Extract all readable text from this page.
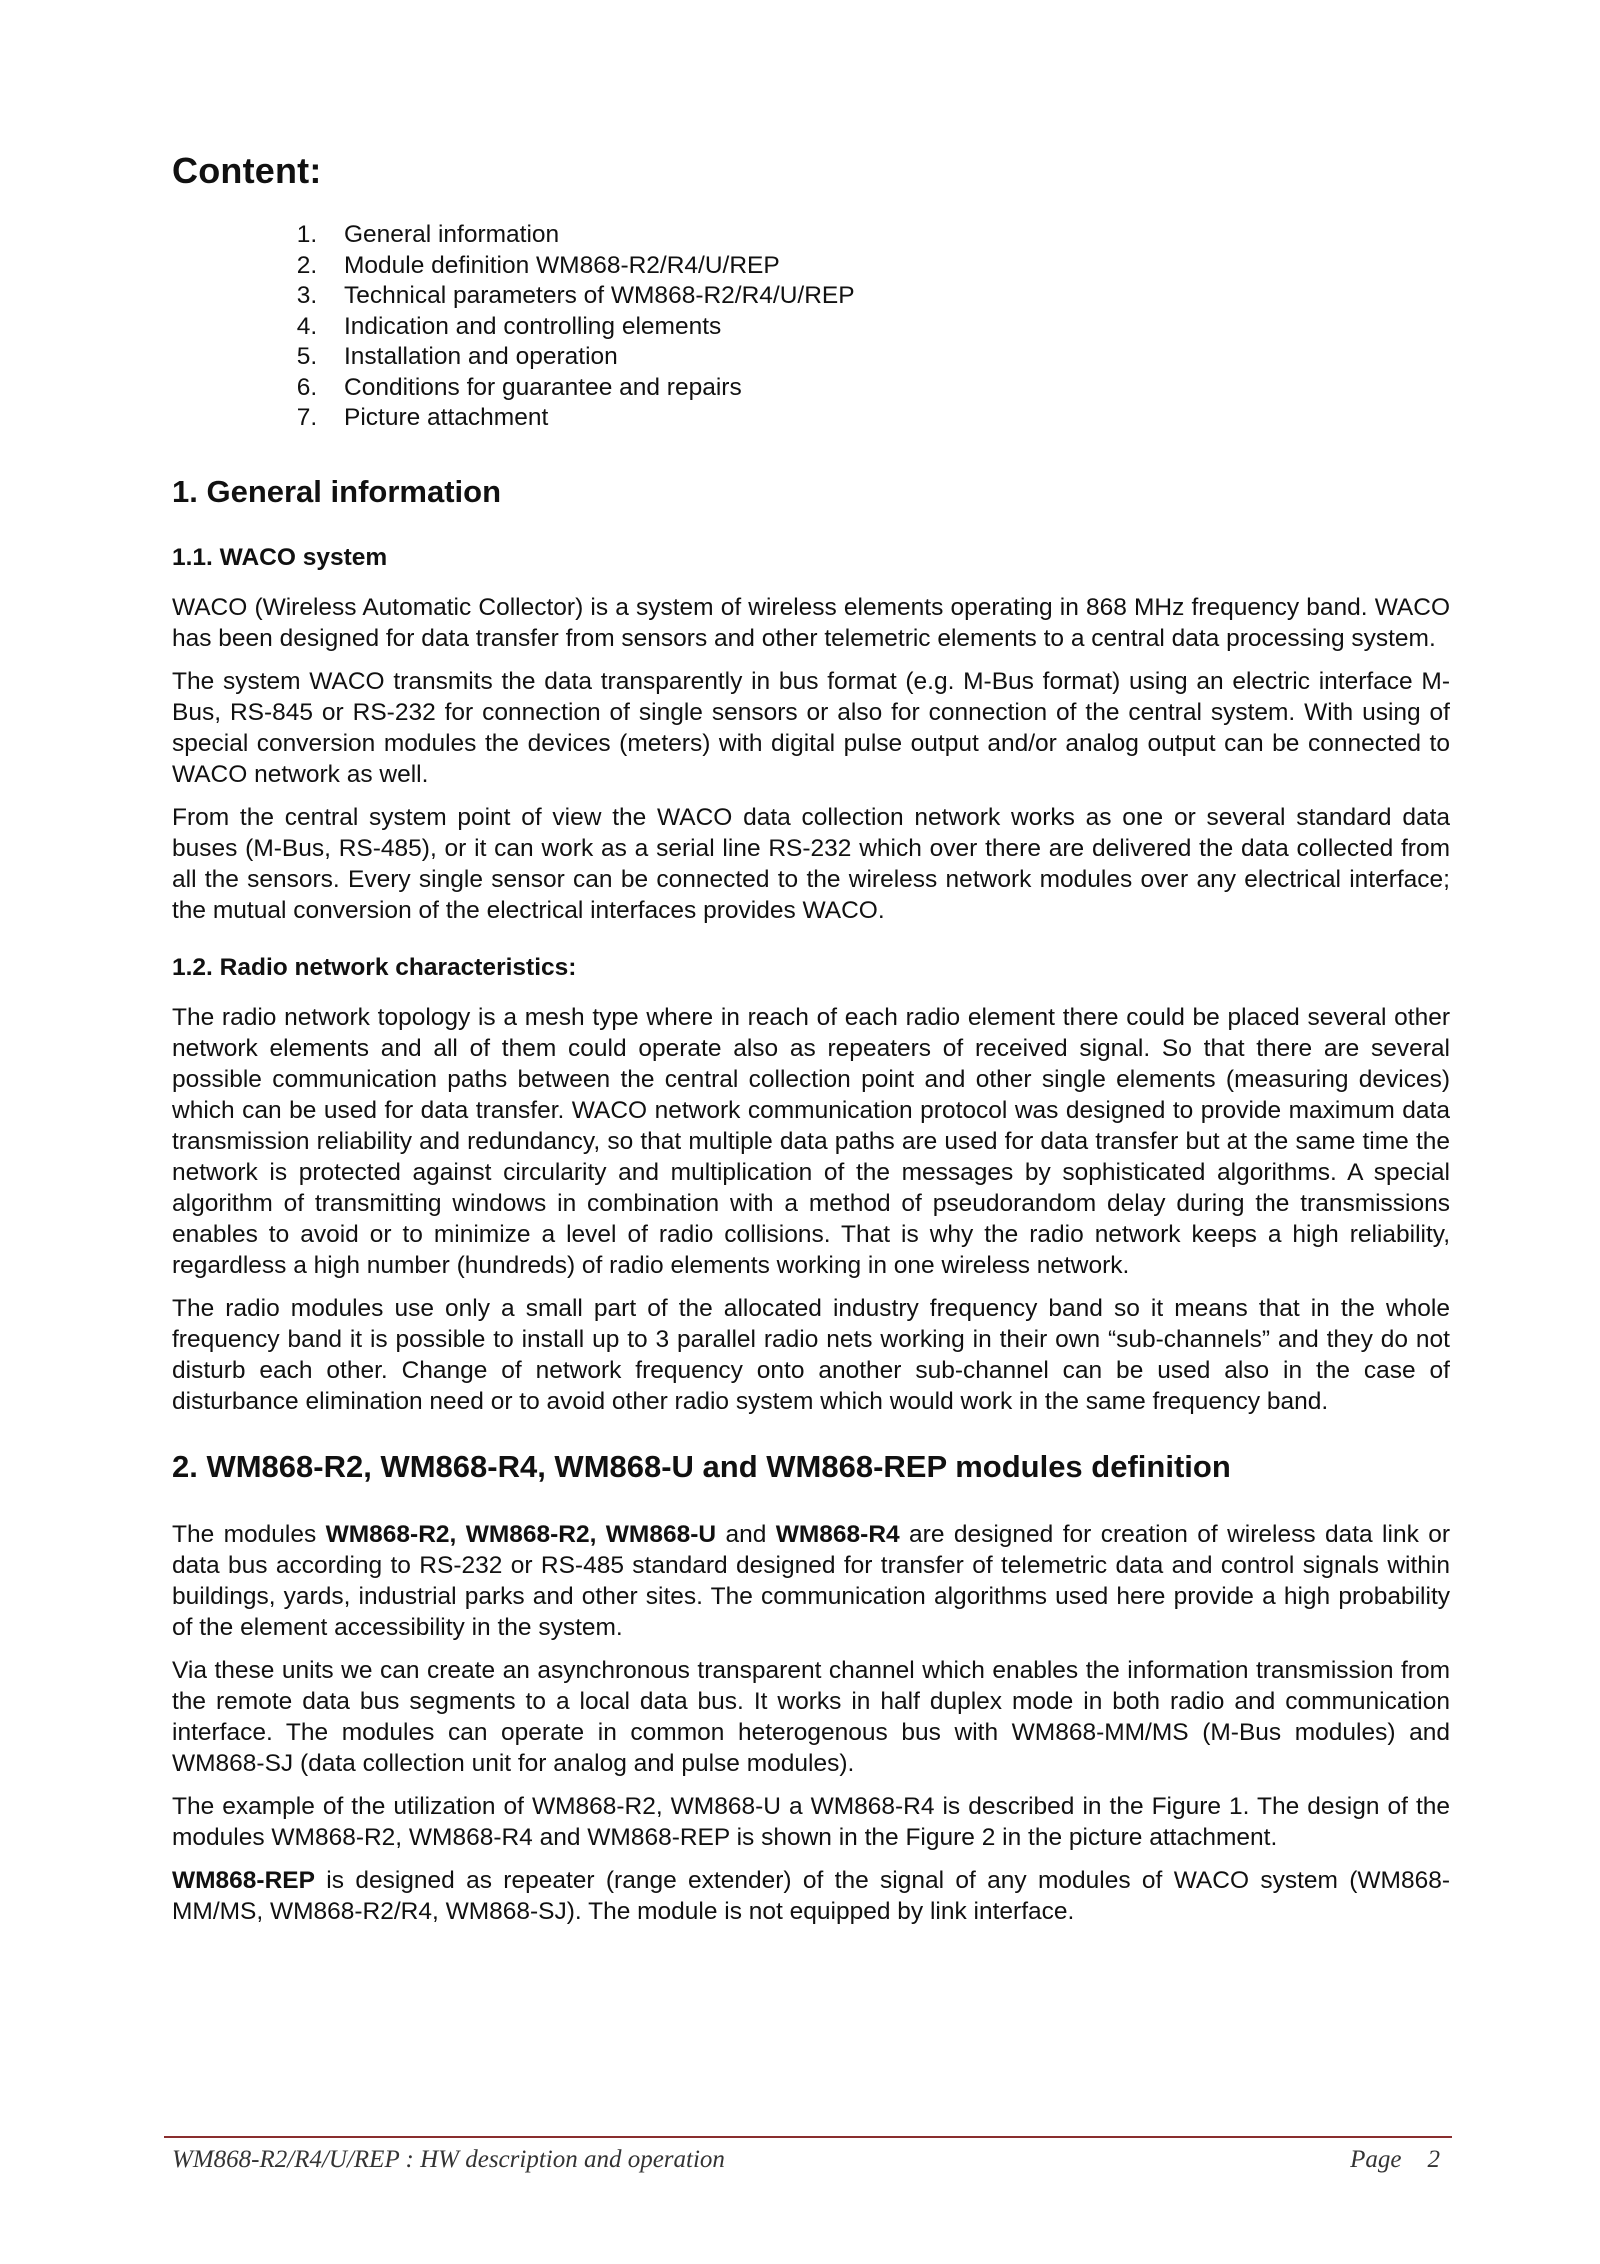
Content:
1. General information
2. Module definition WM868-R2/R4/U/REP
3. Technical parameters of WM868-R2/R4/U/REP
4. Indication and controlling elements
5. Installation and operation
6. Conditions for guarantee and repairs
7. Picture attachment
1. General information
1.1. WACO system

WACO (Wireless Automatic Collector) is a system of wireless elements operating in 868 MHz frequency band. WACO has been designed for data transfer from sensors and other telemetric elements to a central data processing system.

The system WACO transmits the data transparently in bus format (e.g. M-Bus format) using an electric interface M-Bus, RS-845 or RS-232 for connection of single sensors or also for connection of the central system. With using of special conversion modules the devices (meters) with digital pulse output and/or analog output can be connected to WACO network as well.

From the central system point of view the WACO data collection network works as one or several standard data buses (M-Bus, RS-485), or it can work as a serial line RS-232 which over there are delivered the data collected from all the sensors. Every single sensor can be connected to the wireless network modules over any electrical interface; the mutual conversion of the electrical interfaces provides WACO.

1.2. Radio network characteristics:

The radio network topology is a mesh type where in reach of each radio element there could be placed several other network elements and all of them could operate also as repeaters of received signal. So that there are several possible communication paths between the central collection point and other single elements (measuring devices) which can be used for data transfer. WACO network communication protocol was designed to provide maximum data transmission reliability and redundancy, so that multiple data paths are used for data transfer but at the same time the network is protected against circularity and multiplication of the messages by sophisticated algorithms. A special algorithm of transmitting windows in combination with a method of pseudorandom delay during the transmissions enables to avoid or to minimize a level of radio collisions. That is why the radio network keeps a high reliability, regardless a high number (hundreds) of radio elements working in one wireless network.

The radio modules use only a small part of the allocated industry frequency band so it means that in the whole frequency band it is possible to install up to 3 parallel radio nets working in their own “sub-channels” and they do not disturb each other. Change of network frequency onto another sub-channel can be used also in the case of disturbance elimination need or to avoid other radio system which would work in the same frequency band.

2. WM868-R2, WM868-R4, WM868-U and WM868-REP modules definition

The modules WM868-R2, WM868-R2, WM868-U and WM868-R4 are designed for creation of wireless data link or data bus according to RS-232 or RS-485 standard designed for transfer of telemetric data and control signals within buildings, yards, industrial parks and other sites. The communication algorithms used here provide a high probability of the element accessibility in the system.

Via these units we can create an asynchronous transparent channel which enables the information transmission from the remote data bus segments to a local data bus. It works in half duplex mode in both radio and communication interface. The modules can operate in common heterogenous bus with WM868-MM/MS (M-Bus modules) and WM868-SJ (data collection unit for analog and pulse modules).

The example of the utilization of WM868-R2, WM868-U a WM868-R4 is described in the Figure 1. The design of the modules WM868-R2, WM868-R4 and WM868-REP is shown in the Figure 2 in the picture attachment.

WM868-REP is designed as repeater (range extender) of the signal of any modules of WACO system (WM868-MM/MS, WM868-R2/R4, WM868-SJ). The module is not equipped by link interface.

WM868-R2/R4/U/REP : HW description and operation	Page 2
